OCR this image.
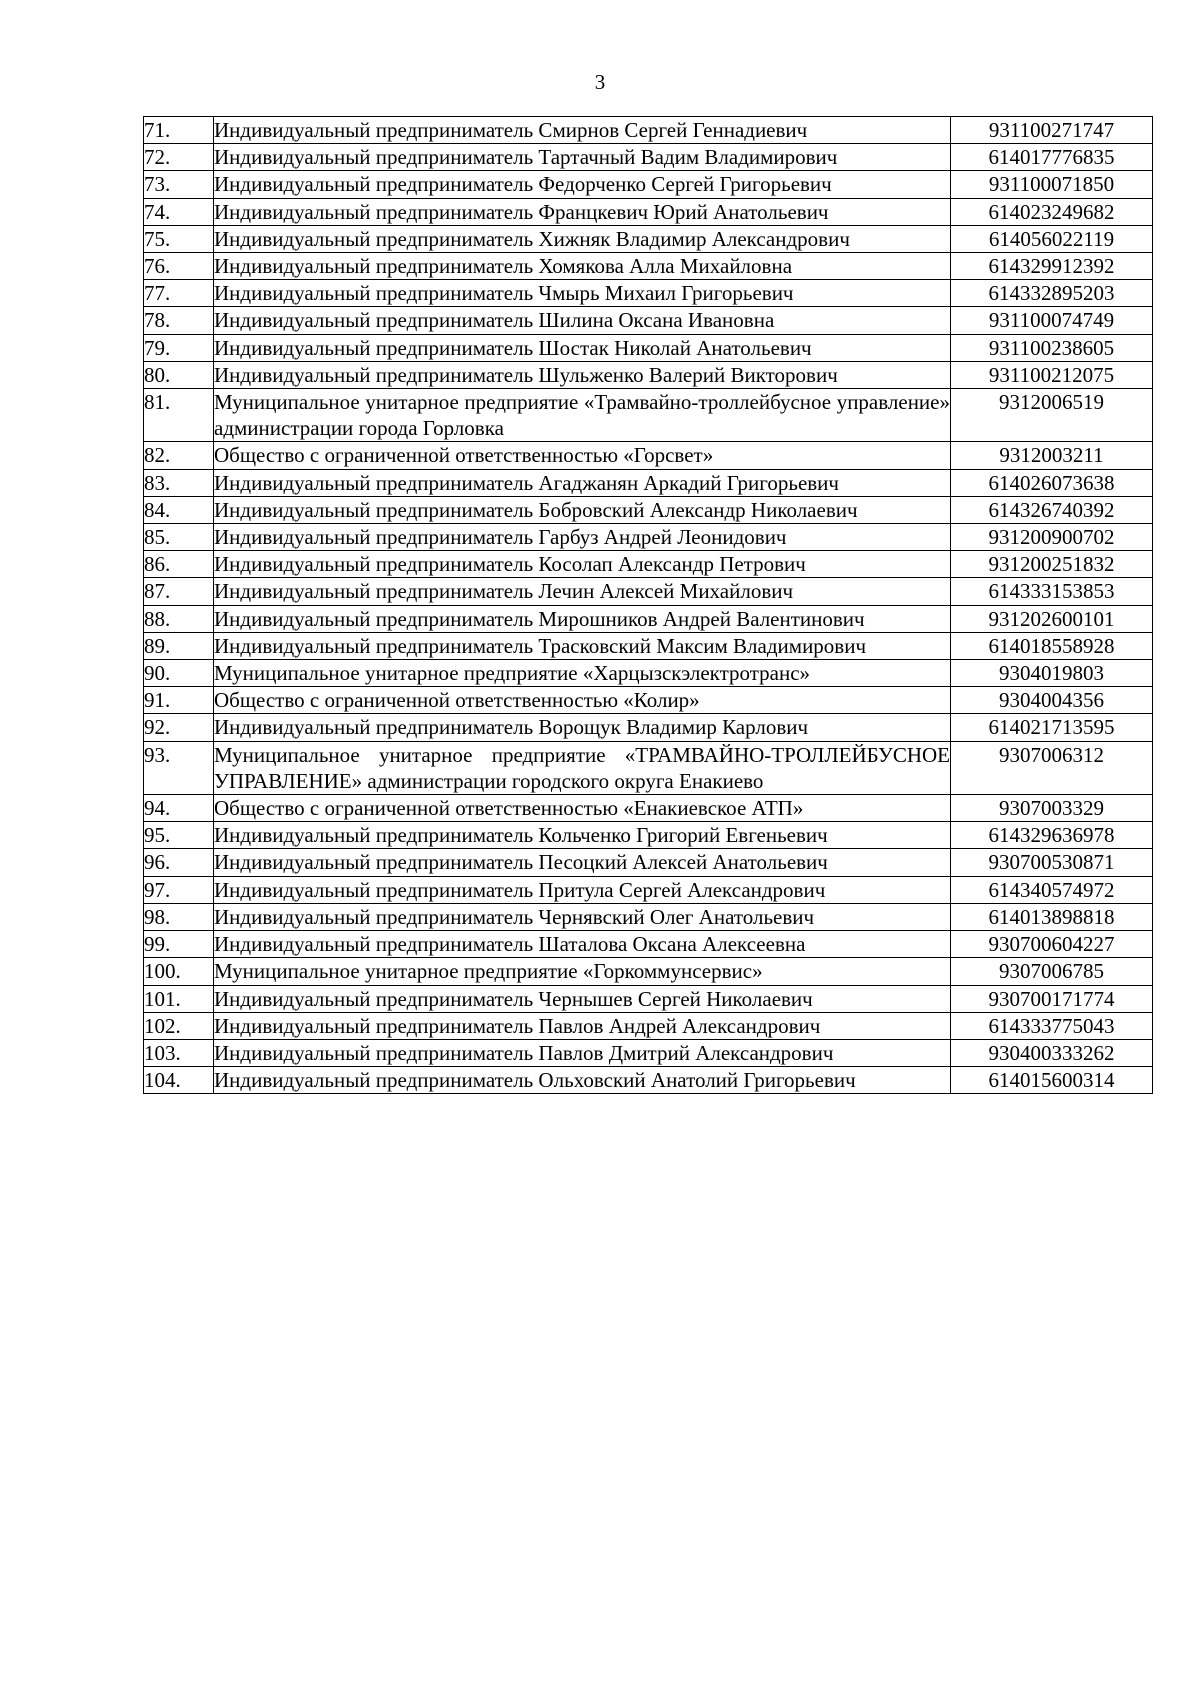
3
71.	Индивидуальный предприниматель Смирнов Сергей Геннадиевич	931100271747
72.	Индивидуальный предприниматель Тартачный Вадим Владимирович	614017776835
73.	Индивидуальный предприниматель Федорченко Сергей Григорьевич	931100071850
74.	Индивидуальный предприниматель Францкевич Юрий Анатольевич	614023249682
75.	Индивидуальный предприниматель Хижняк Владимир Александрович	614056022119
76.	Индивидуальный предприниматель Хомякова Алла Михайловна	614329912392
77.	Индивидуальный предприниматель Чмырь Михаил Григорьевич	614332895203
78.	Индивидуальный предприниматель Шилина Оксана Ивановна	931100074749
79.	Индивидуальный предприниматель Шостак Николай Анатольевич	931100238605
80.	Индивидуальный предприниматель Шульженко Валерий Викторович	931100212075
81.	Муниципальное унитарное предприятие «Трамвайно-троллейбусное управление» администрации города Горловка	9312006519
82.	Общество с ограниченной ответственностью «Горсвет»	9312003211
83.	Индивидуальный предприниматель Агаджанян Аркадий Григорьевич	614026073638
84.	Индивидуальный предприниматель Бобровский Александр Николаевич	614326740392
85.	Индивидуальный предприниматель Гарбуз Андрей Леонидович	931200900702
86.	Индивидуальный предприниматель Косолап Александр Петрович	931200251832
87.	Индивидуальный предприниматель Лечин Алексей Михайлович	614333153853
88.	Индивидуальный предприниматель Мирошников Андрей Валентинович	931202600101
89.	Индивидуальный предприниматель Трасковский Максим Владимирович	614018558928
90.	Муниципальное унитарное предприятие «Харцызскэлектротранс»	9304019803
91.	Общество с ограниченной ответственностью «Колир»	9304004356
92.	Индивидуальный предприниматель Ворощук Владимир Карлович	614021713595
93.	Муниципальное унитарное предприятие «ТРАМВАЙНО-ТРОЛЛЕЙБУСНОЕ УПРАВЛЕНИЕ» администрации городского округа Енакиево	9307006312
94.	Общество с ограниченной ответственностью «Енакиевское АТП»	9307003329
95.	Индивидуальный предприниматель Кольченко Григорий Евгеньевич	614329636978
96.	Индивидуальный предприниматель Песоцкий Алексей Анатольевич	930700530871
97.	Индивидуальный предприниматель Притула Сергей Александрович	614340574972
98.	Индивидуальный предприниматель Чернявский Олег Анатольевич	614013898818
99.	Индивидуальный предприниматель Шаталова Оксана Алексеевна	930700604227
100.	Муниципальное унитарное предприятие «Горкоммунсервис»	9307006785
101.	Индивидуальный предприниматель Чернышев Сергей Николаевич	930700171774
102.	Индивидуальный предприниматель Павлов Андрей Александрович	614333775043
103.	Индивидуальный предприниматель Павлов Дмитрий Александрович	930400333262
104.	Индивидуальный предприниматель Ольховский Анатолий Григорьевич	614015600314
